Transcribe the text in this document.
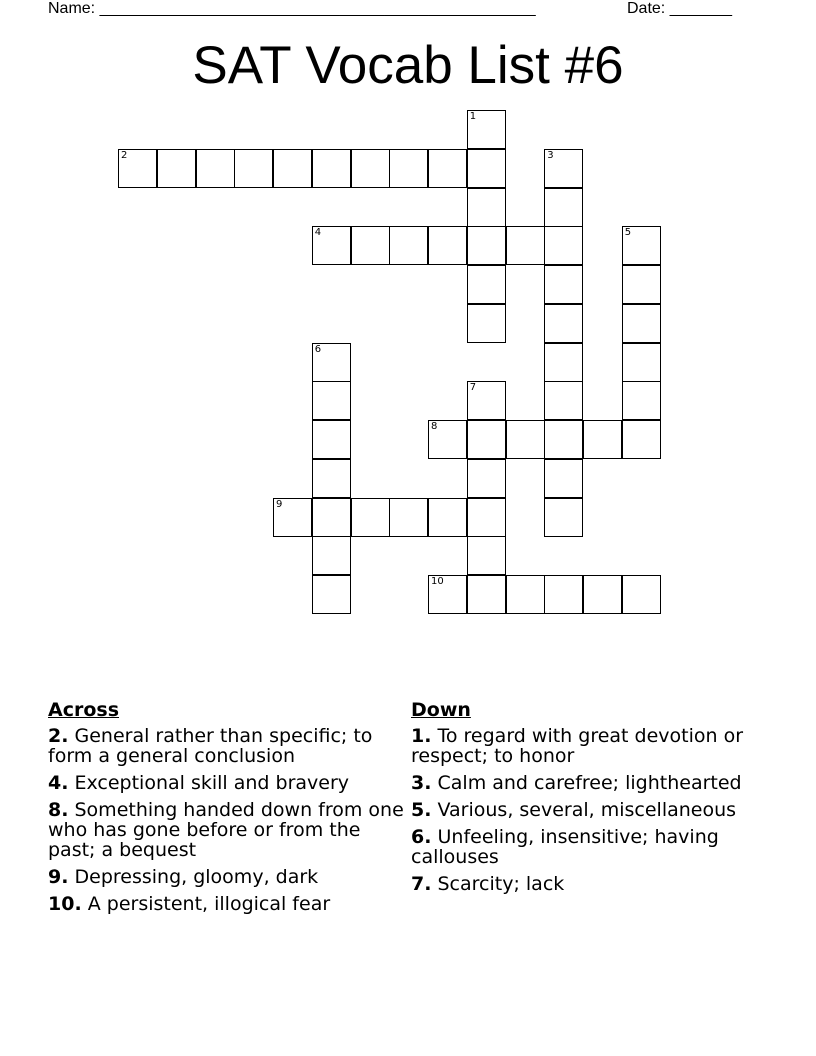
Name: _________________________________________________	Date: _______
SAT Vocab List #6
2
4
8
9
10
1
3
5
6
7
Across
2. General rather than specific; to form a general conclusion
4. Exceptional skill and bravery
8. Something handed down from one who has gone before or from the past; a bequest
9. Depressing, gloomy, dark
10. A persistent, illogical fear
Down
1. To regard with great devotion or respect; to honor
3. Calm and carefree; lighthearted
5. Various, several, miscellaneous
6. Unfeeling, insensitive; having callouses
7. Scarcity; lack
